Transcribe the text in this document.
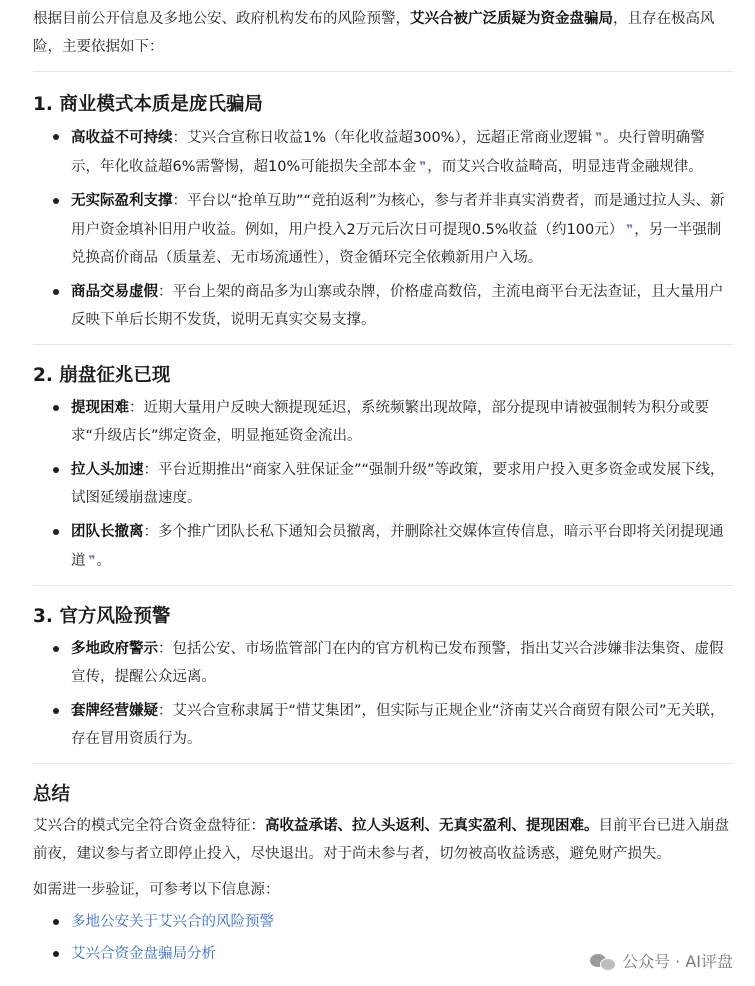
根据目前公开信息及多地公安、政府机构发布的风险预警，艾兴合被广泛质疑为资金盘骗局，且存在极高风险，主要依据如下：

1. 商业模式本质是庞氏骗局
高收益不可持续：艾兴合宣称日收益1%（年化收益超300%），远超正常商业逻辑 ❞ 。央行曾明确警示，年化收益超6%需警惕，超10%可能损失全部本金 ❞ ，而艾兴合收益畸高，明显违背金融规律。
无实际盈利支撑：平台以“抢单互助”“竞拍返利”为核心，参与者并非真实消费者，而是通过拉人头、新用户资金填补旧用户收益。例如，用户投入2万元后次日可提现0.5%收益（约100元） ❞ ，另一半强制兑换高价商品（质量差、无市场流通性），资金循环完全依赖新用户入场。
商品交易虚假：平台上架的商品多为山寨或杂牌，价格虚高数倍，主流电商平台无法查证，且大量用户反映下单后长期不发货，说明无真实交易支撑。
2. 崩盘征兆已现
提现困难：近期大量用户反映大额提现延迟，系统频繁出现故障，部分提现申请被强制转为积分或要求“升级店长”绑定资金，明显拖延资金流出。
拉人头加速：平台近期推出“商家入驻保证金”“强制升级”等政策，要求用户投入更多资金或发展下线，试图延缓崩盘速度。
团队长撤离：多个推广团队长私下通知会员撤离，并删除社交媒体宣传信息，暗示平台即将关闭提现通道 ❞ 。
3. 官方风险预警
多地政府警示：包括公安、市场监管部门在内的官方机构已发布预警，指出艾兴合涉嫌非法集资、虚假宣传，提醒公众远离。
套牌经营嫌疑：艾兴合宣称隶属于“惜艾集团”，但实际与正规企业“济南艾兴合商贸有限公司”无关联，存在冒用资质行为。
总结

艾兴合的模式完全符合资金盘特征：高收益承诺、拉人头返利、无真实盈利、提现困难。目前平台已进入崩盘前夜，建议参与者立即停止投入，尽快退出。对于尚未参与者，切勿被高收益诱惑，避免财产损失。

如需进一步验证，可参考以下信息源：

多地公安关于艾兴合的风险预警
艾兴合资金盘骗局分析	公众号 · AI评盘
